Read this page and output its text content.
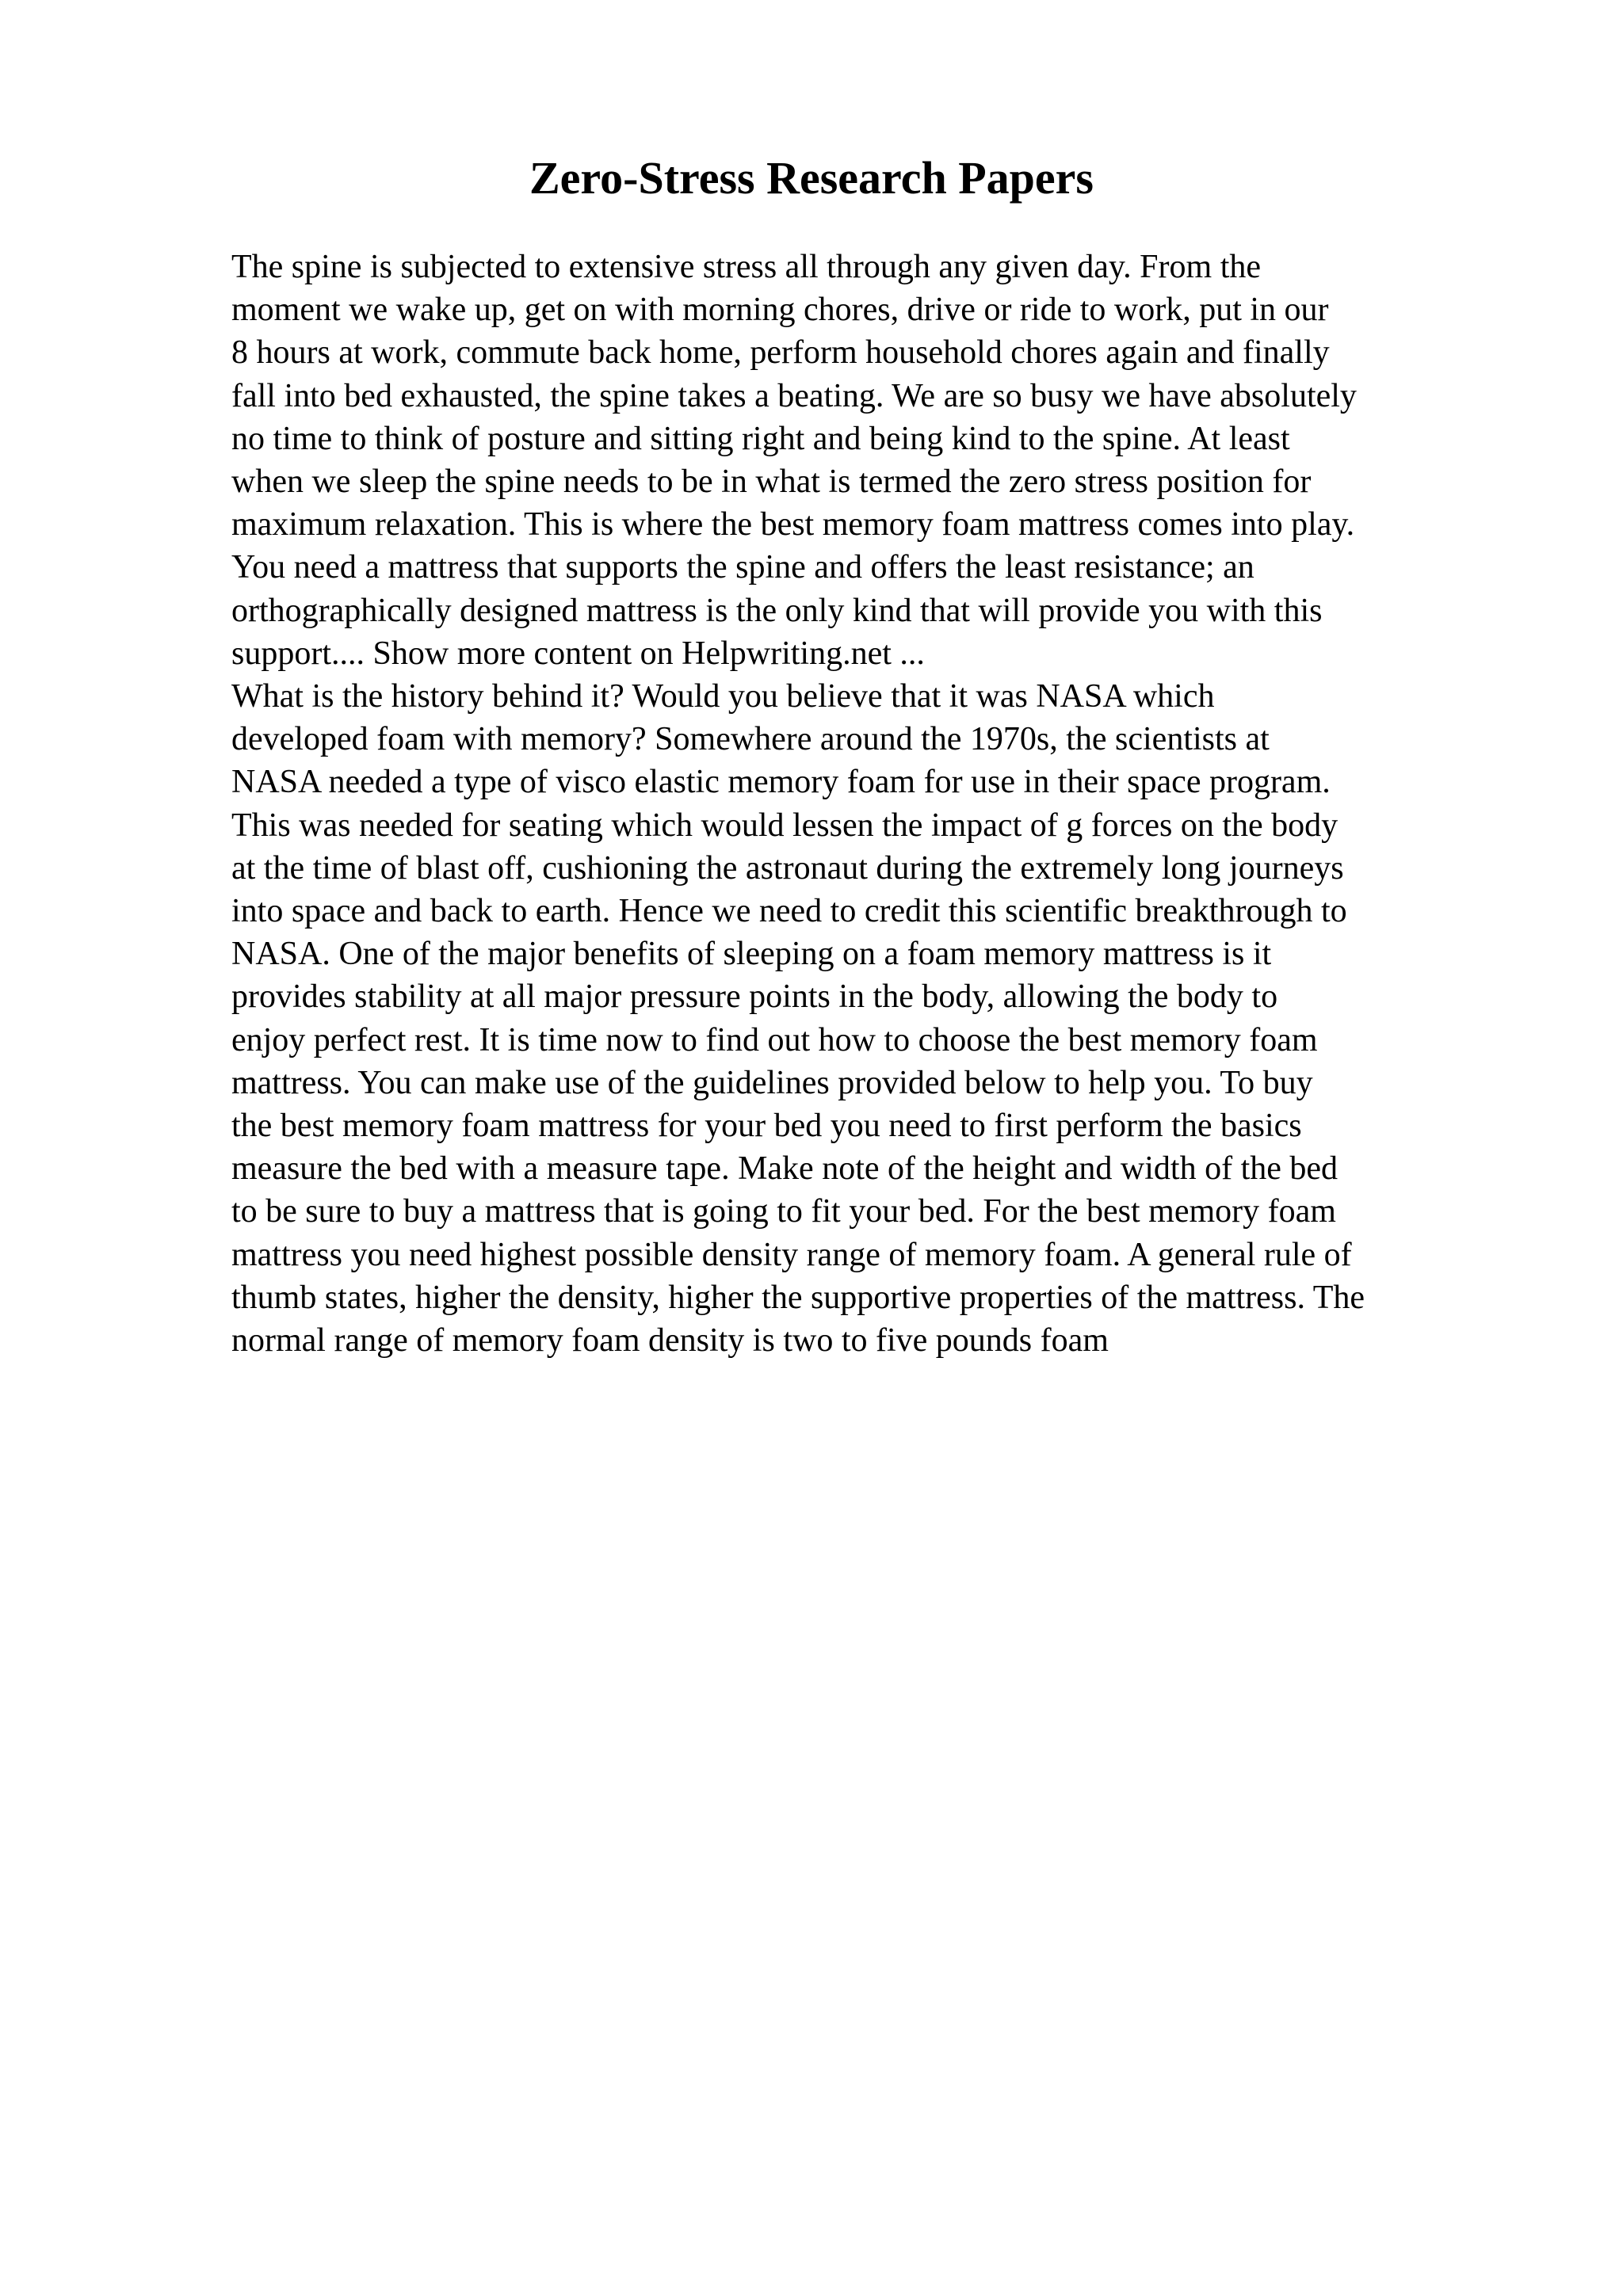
Zero-Stress Research Papers
The spine is subjected to extensive stress all through any given day. From the
moment we wake up, get on with morning chores, drive or ride to work, put in our
8 hours at work, commute back home, perform household chores again and finally
fall into bed exhausted, the spine takes a beating. We are so busy we have absolutely
no time to think of posture and sitting right and being kind to the spine. At least
when we sleep the spine needs to be in what is termed the zero stress position for
maximum relaxation. This is where the best memory foam mattress comes into play.
You need a mattress that supports the spine and offers the least resistance; an
orthographically designed mattress is the only kind that will provide you with this
support.... Show more content on Helpwriting.net ...
What is the history behind it? Would you believe that it was NASA which
developed foam with memory? Somewhere around the 1970s, the scientists at
NASA needed a type of visco elastic memory foam for use in their space program.
This was needed for seating which would lessen the impact of g forces on the body
at the time of blast off, cushioning the astronaut during the extremely long journeys
into space and back to earth. Hence we need to credit this scientific breakthrough to
NASA. One of the major benefits of sleeping on a foam memory mattress is it
provides stability at all major pressure points in the body, allowing the body to
enjoy perfect rest. It is time now to find out how to choose the best memory foam
mattress. You can make use of the guidelines provided below to help you. To buy
the best memory foam mattress for your bed you need to first perform the basics
measure the bed with a measure tape. Make note of the height and width of the bed
to be sure to buy a mattress that is going to fit your bed. For the best memory foam
mattress you need highest possible density range of memory foam. A general rule of
thumb states, higher the density, higher the supportive properties of the mattress. The
normal range of memory foam density is two to five pounds foam
